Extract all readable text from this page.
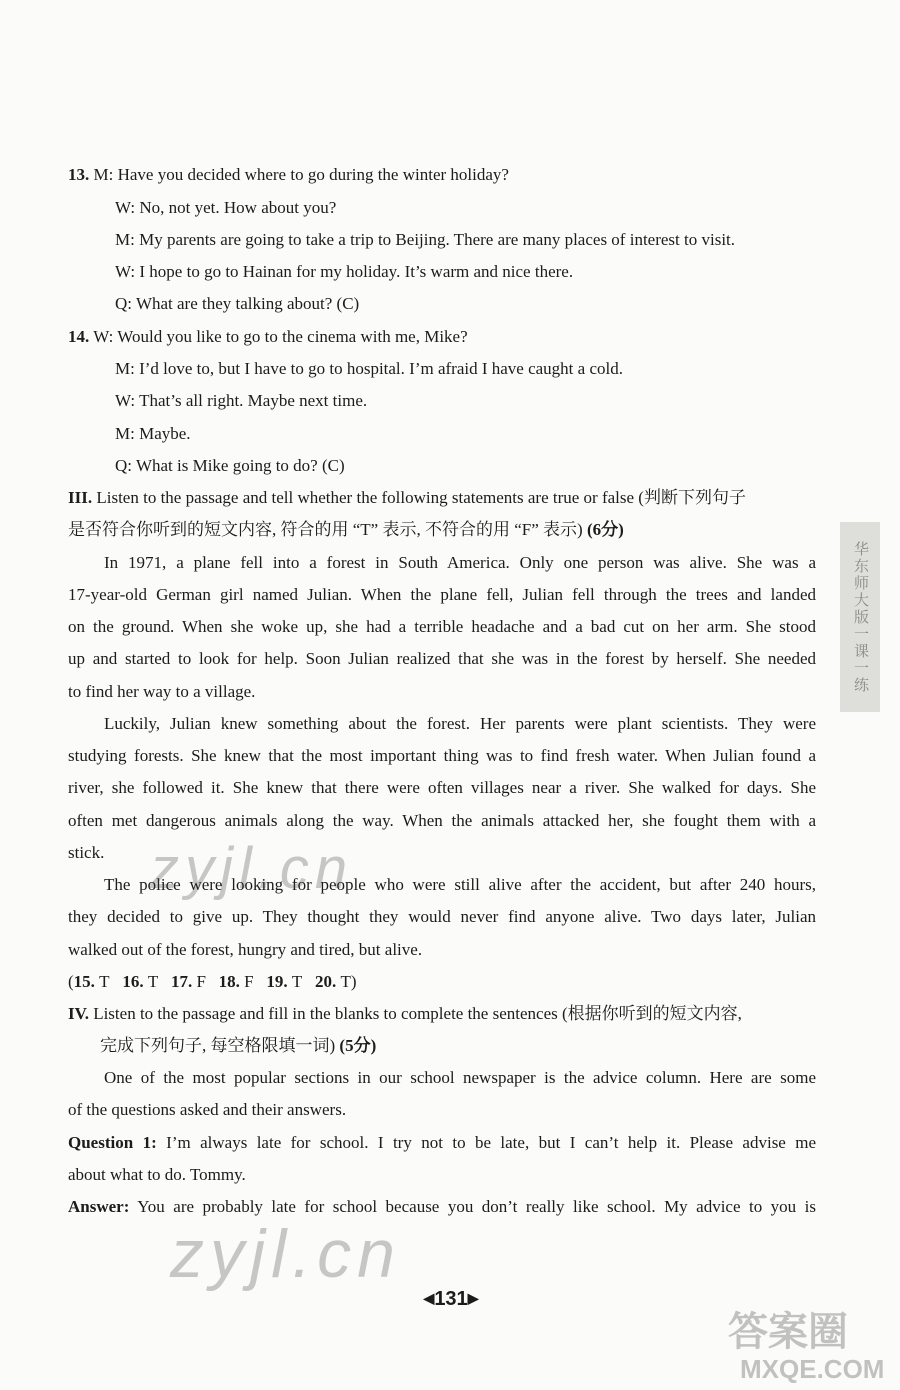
13. M: Have you decided where to go during the winter holiday?
W: No, not yet. How about you?
M: My parents are going to take a trip to Beijing. There are many places of interest to visit.
W: I hope to go to Hainan for my holiday. It’s warm and nice there.
Q: What are they talking about? (C)
14. W: Would you like to go to the cinema with me, Mike?
M: I’d love to, but I have to go to hospital. I’m afraid I have caught a cold.
W: That’s all right. Maybe next time.
M: Maybe.
Q: What is Mike going to do? (C)
III. Listen to the passage and tell whether the following statements are true or false (判断下列句子
是否符合你听到的短文内容, 符合的用 “T” 表示, 不符合的用 “F” 表示) (6分)
In 1971, a plane fell into a forest in South America. Only one person was alive. She was a
17-year-old German girl named Julian. When the plane fell, Julian fell through the trees and landed
on the ground. When she woke up, she had a terrible headache and a bad cut on her arm. She stood
up and started to look for help. Soon Julian realized that she was in the forest by herself. She needed
to find her way to a village.
Luckily, Julian knew something about the forest. Her parents were plant scientists. They were
studying forests. She knew that the most important thing was to find fresh water. When Julian found a
river, she followed it. She knew that there were often villages near a river. She walked for days. She
often met dangerous animals along the way. When the animals attacked her, she fought them with a
stick.
The police were looking for people who were still alive after the accident, but after 240 hours,
they decided to give up. They thought they would never find anyone alive. Two days later, Julian
walked out of the forest, hungry and tired, but alive.
(15. T 16. T 17. F 18. F 19. T 20. T)
IV. Listen to the passage and fill in the blanks to complete the sentences (根据你听到的短文内容,
完成下列句子, 每空格限填一词) (5分)
One of the most popular sections in our school newspaper is the advice column. Here are some
of the questions asked and their answers.
Question 1: I’m always late for school. I try not to be late, but I can’t help it. Please advise me
about what to do. Tommy.
Answer: You are probably late for school because you don’t really like school. My advice to you is
华东师大版一课一练
zyjl.cn
zyjl.cn
◀131▶
答案圈
MXQE.COM
